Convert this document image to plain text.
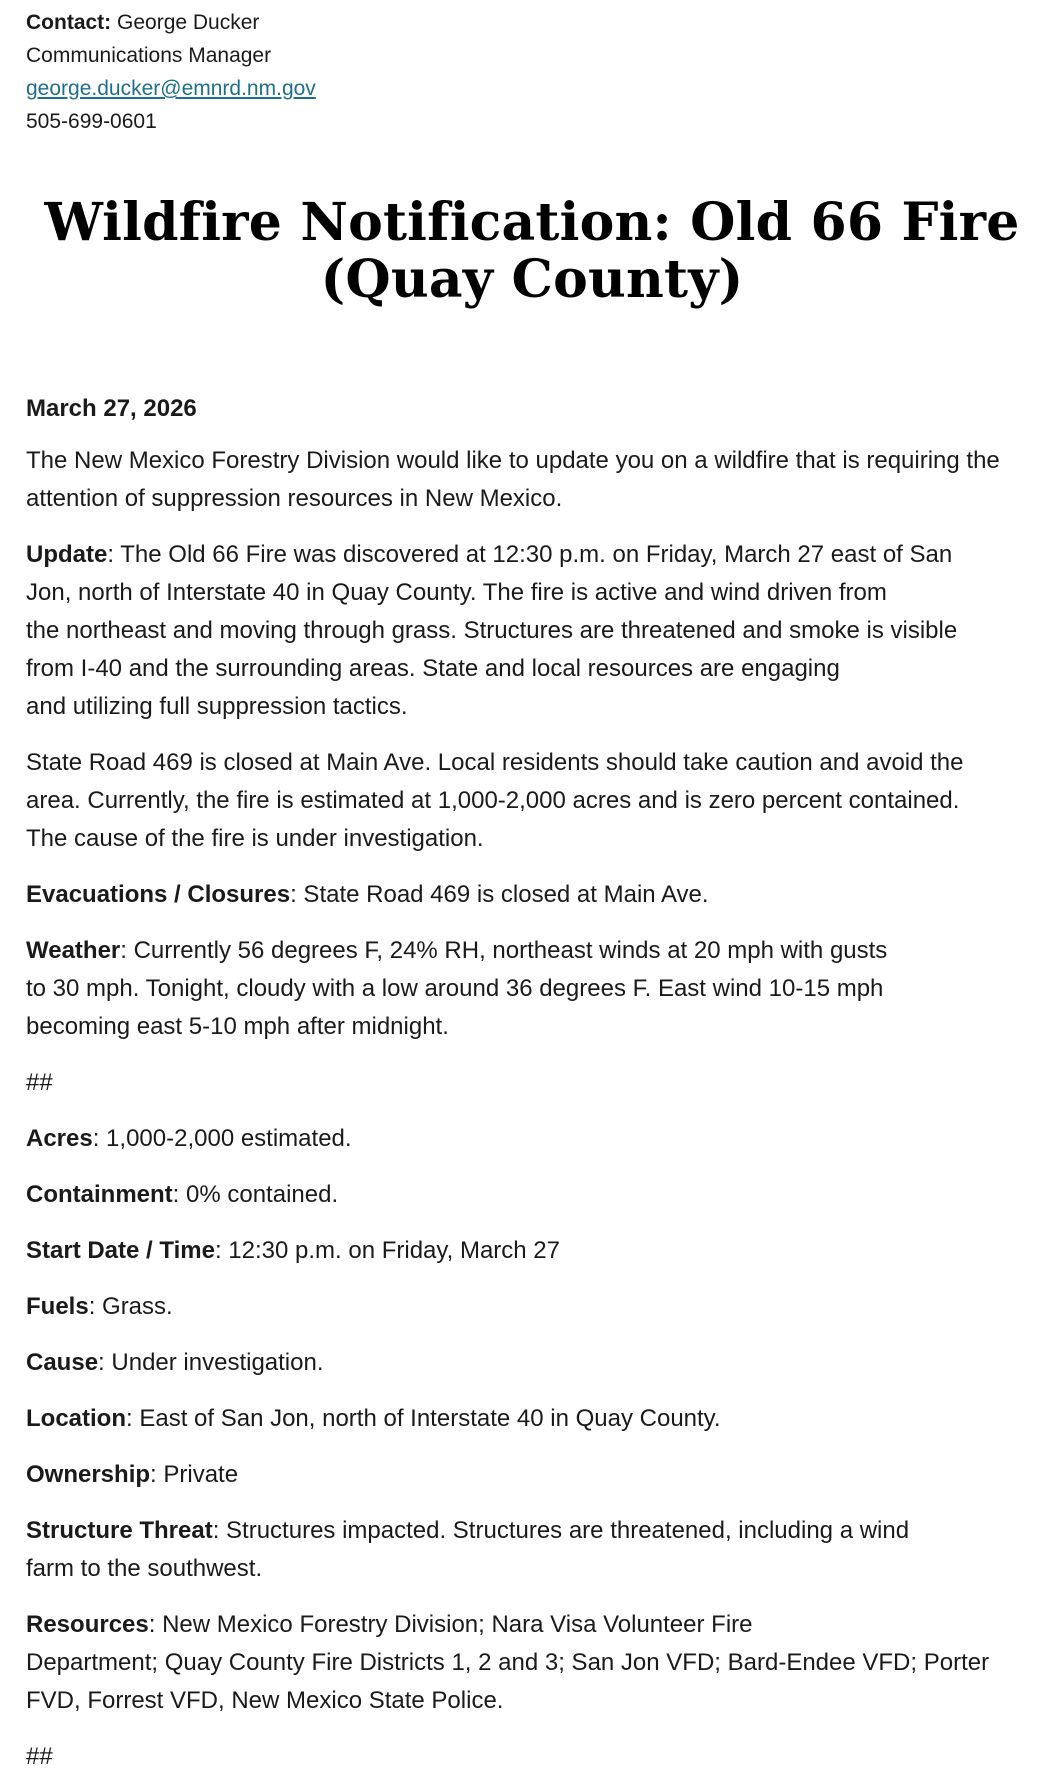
Contact: George Ducker
Communications Manager
george.ducker@emnrd.nm.gov
505-699-0601
Wildfire Notification: Old 66 Fire
(Quay County)

March 27, 2026

The New Mexico Forestry Division would like to update you on a wildfire that is requiring the attention of suppression resources in New Mexico.

Update: The Old 66 Fire was discovered at 12:30 p.m. on Friday, March 27 east of San
Jon, north of Interstate 40 in Quay County. The fire is active and wind driven from
the northeast and moving through grass. Structures are threatened and smoke is visible
from I-40 and the surrounding areas. State and local resources are engaging
and utilizing full suppression tactics.

State Road 469 is closed at Main Ave. Local residents should take caution and avoid the
area. Currently, the fire is estimated at 1,000-2,000 acres and is zero percent contained.
The cause of the fire is under investigation.

Evacuations / Closures: State Road 469 is closed at Main Ave.

Weather: Currently 56 degrees F, 24% RH, northeast winds at 20 mph with gusts
to 30 mph. Tonight, cloudy with a low around 36 degrees F. East wind 10-15 mph
becoming east 5-10 mph after midnight.

##

Acres: 1,000-2,000 estimated.

Containment: 0% contained.

Start Date / Time: 12:30 p.m. on Friday, March 27

Fuels: Grass.

Cause: Under investigation.

Location: East of San Jon, north of Interstate 40 in Quay County.

Ownership: Private

Structure Threat: Structures impacted. Structures are threatened, including a wind
farm to the southwest.

Resources: New Mexico Forestry Division; Nara Visa Volunteer Fire
Department; Quay County Fire Districts 1, 2 and 3; San Jon VFD; Bard-Endee VFD; Porter
FVD, Forrest VFD, New Mexico State Police.

##
